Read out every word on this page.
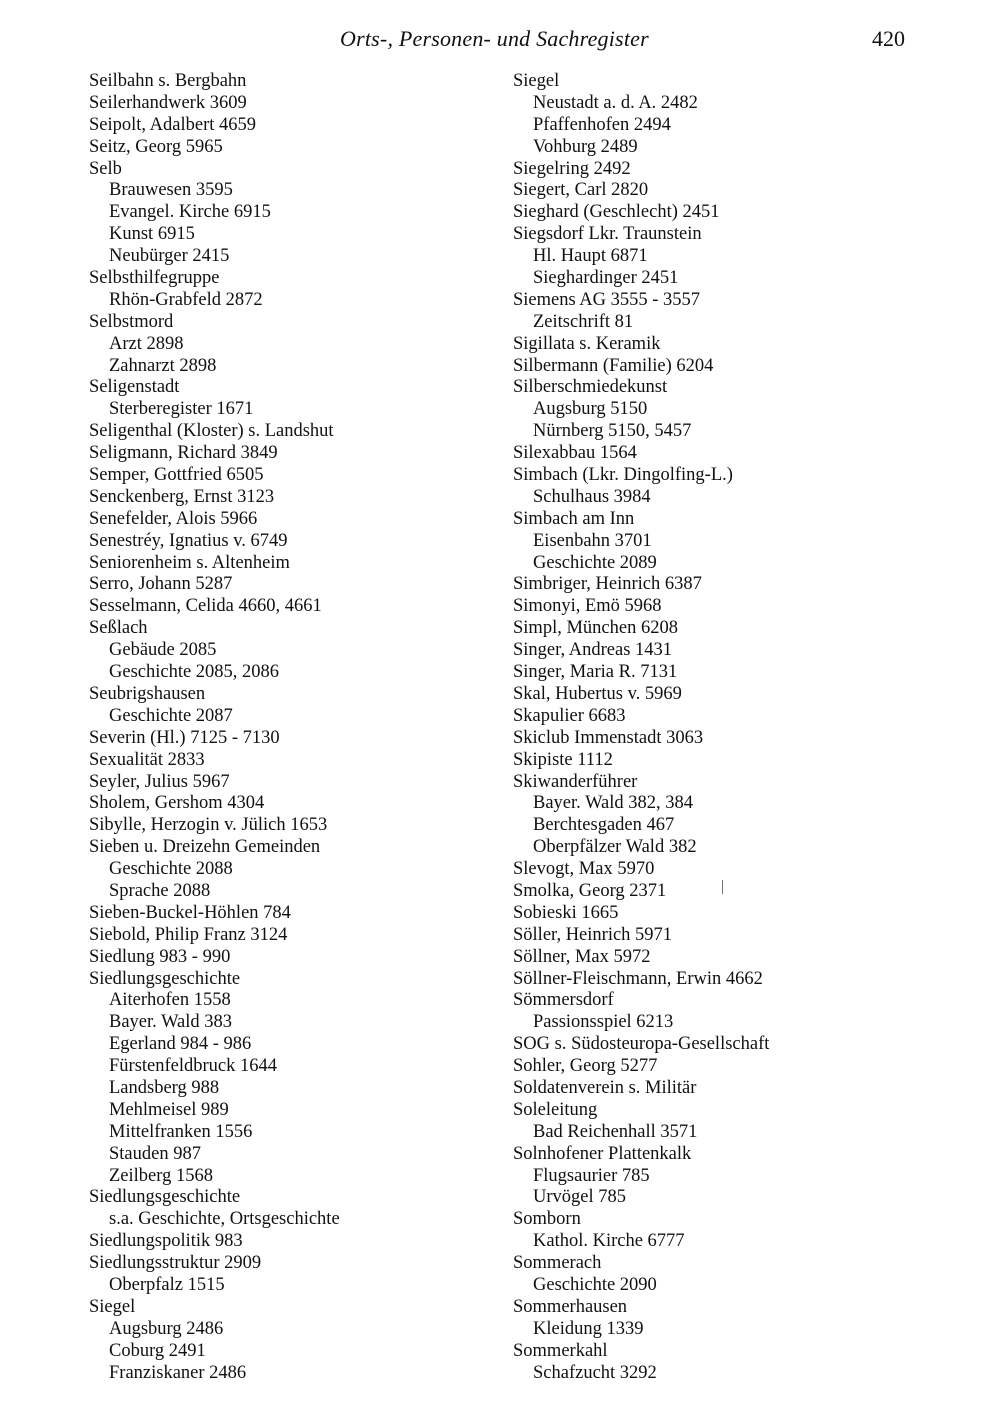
Orts-, Personen- und Sachregister	420
Seilbahn s. Bergbahn
Seilerhandwerk 3609
Seipolt, Adalbert 4659
Seitz, Georg 5965
Selb
Brauwesen 3595
Evangel. Kirche 6915
Kunst 6915
Neubürger 2415
Selbsthilfegruppe
Rhön-Grabfeld 2872
Selbstmord
Arzt 2898
Zahnarzt 2898
Seligenstadt
Sterberegister 1671
Seligenthal (Kloster) s. Landshut
Seligmann, Richard 3849
Semper, Gottfried 6505
Senckenberg, Ernst 3123
Senefelder, Alois 5966
Senestréy, Ignatius v. 6749
Seniorenheim s. Altenheim
Serro, Johann 5287
Sesselmann, Celida 4660, 4661
Seßlach
Gebäude 2085
Geschichte 2085, 2086
Seubrigshausen
Geschichte 2087
Severin (Hl.) 7125 - 7130
Sexualität 2833
Seyler, Julius 5967
Sholem, Gershom 4304
Sibylle, Herzogin v. Jülich 1653
Sieben u. Dreizehn Gemeinden
Geschichte 2088
Sprache 2088
Sieben-Buckel-Höhlen 784
Siebold, Philip Franz 3124
Siedlung 983 - 990
Siedlungsgeschichte
Aiterhofen 1558
Bayer. Wald 383
Egerland 984 - 986
Fürstenfeldbruck 1644
Landsberg 988
Mehlmeisel 989
Mittelfranken 1556
Stauden 987
Zeilberg 1568
Siedlungsgeschichte
s.a. Geschichte, Ortsgeschichte
Siedlungspolitik 983
Siedlungsstruktur 2909
Oberpfalz 1515
Siegel
Augsburg 2486
Coburg 2491
Franziskaner 2486
Siegel
Neustadt a. d. A. 2482
Pfaffenhofen 2494
Vohburg 2489
Siegelring 2492
Siegert, Carl 2820
Sieghard (Geschlecht) 2451
Siegsdorf Lkr. Traunstein
Hl. Haupt 6871
Sieghardinger 2451
Siemens AG 3555 - 3557
Zeitschrift 81
Sigillata s. Keramik
Silbermann (Familie) 6204
Silberschmiedekunst
Augsburg 5150
Nürnberg 5150, 5457
Silexabbau 1564
Simbach (Lkr. Dingolfing-L.)
Schulhaus 3984
Simbach am Inn
Eisenbahn 3701
Geschichte 2089
Simbriger, Heinrich 6387
Simonyi, Emö 5968
Simpl, München 6208
Singer, Andreas 1431
Singer, Maria R. 7131
Skal, Hubertus v. 5969
Skapulier 6683
Skiclub Immenstadt 3063
Skipiste 1112
Skiwanderführer
Bayer. Wald 382, 384
Berchtesgaden 467
Oberpfälzer Wald 382
Slevogt, Max 5970
Smolka, Georg 2371
Sobieski 1665
Söller, Heinrich 5971
Söllner, Max 5972
Söllner-Fleischmann, Erwin 4662
Sömmersdorf
Passionsspiel 6213
SOG s. Südosteuropa-Gesellschaft
Sohler, Georg 5277
Soldatenverein s. Militär
Soleleitung
Bad Reichenhall 3571
Solnhofener Plattenkalk
Flugsaurier 785
Urvögel 785
Somborn
Kathol. Kirche 6777
Sommerach
Geschichte 2090
Sommerhausen
Kleidung 1339
Sommerkahl
Schafzucht 3292
